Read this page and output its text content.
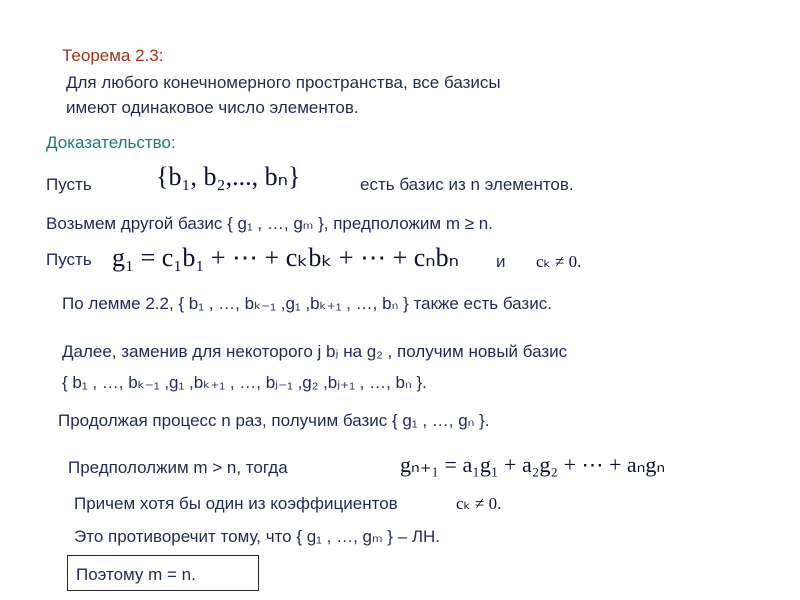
Теорема 2.3:
Для любого конечномерного пространства, все базисы
имеют одинаковое число элементов.
Доказательство:
Пусть {b₁, b₂,..., bₙ}	есть базис из n элементов.
Возьмем другой базис { g₁ , …, gₘ }, предположим m ≥ n.
Пусть g₁ = c₁b₁ + ⋯ + cₖbₖ + ⋯ + cₙbₙ и cₖ ≠ 0.
По лемме 2.2, { b₁ , …, bₖ₋₁ ,g₁ ,bₖ₊₁ , …, bₙ } также есть базис.
Далее, заменив для некоторого j bⱼ на g₂ , получим новый базис
{ b₁ , …, bₖ₋₁ ,g₁ ,bₖ₊₁ , …, bⱼ₋₁ ,g₂ ,bⱼ₊₁ , …, bₙ }.
Продолжая процесс n раз, получим базис { g₁ , …, gₙ }.
Предпололжим m > n, тогда	gₙ₊₁ = a₁g₁ + a₂g₂ + ⋯ + aₙgₙ
Причем хотя бы один из коэффициентов	cₖ ≠ 0.
Это противоречит тому, что { g₁ , …, gₘ } – ЛН.
Поэтому m = n.
